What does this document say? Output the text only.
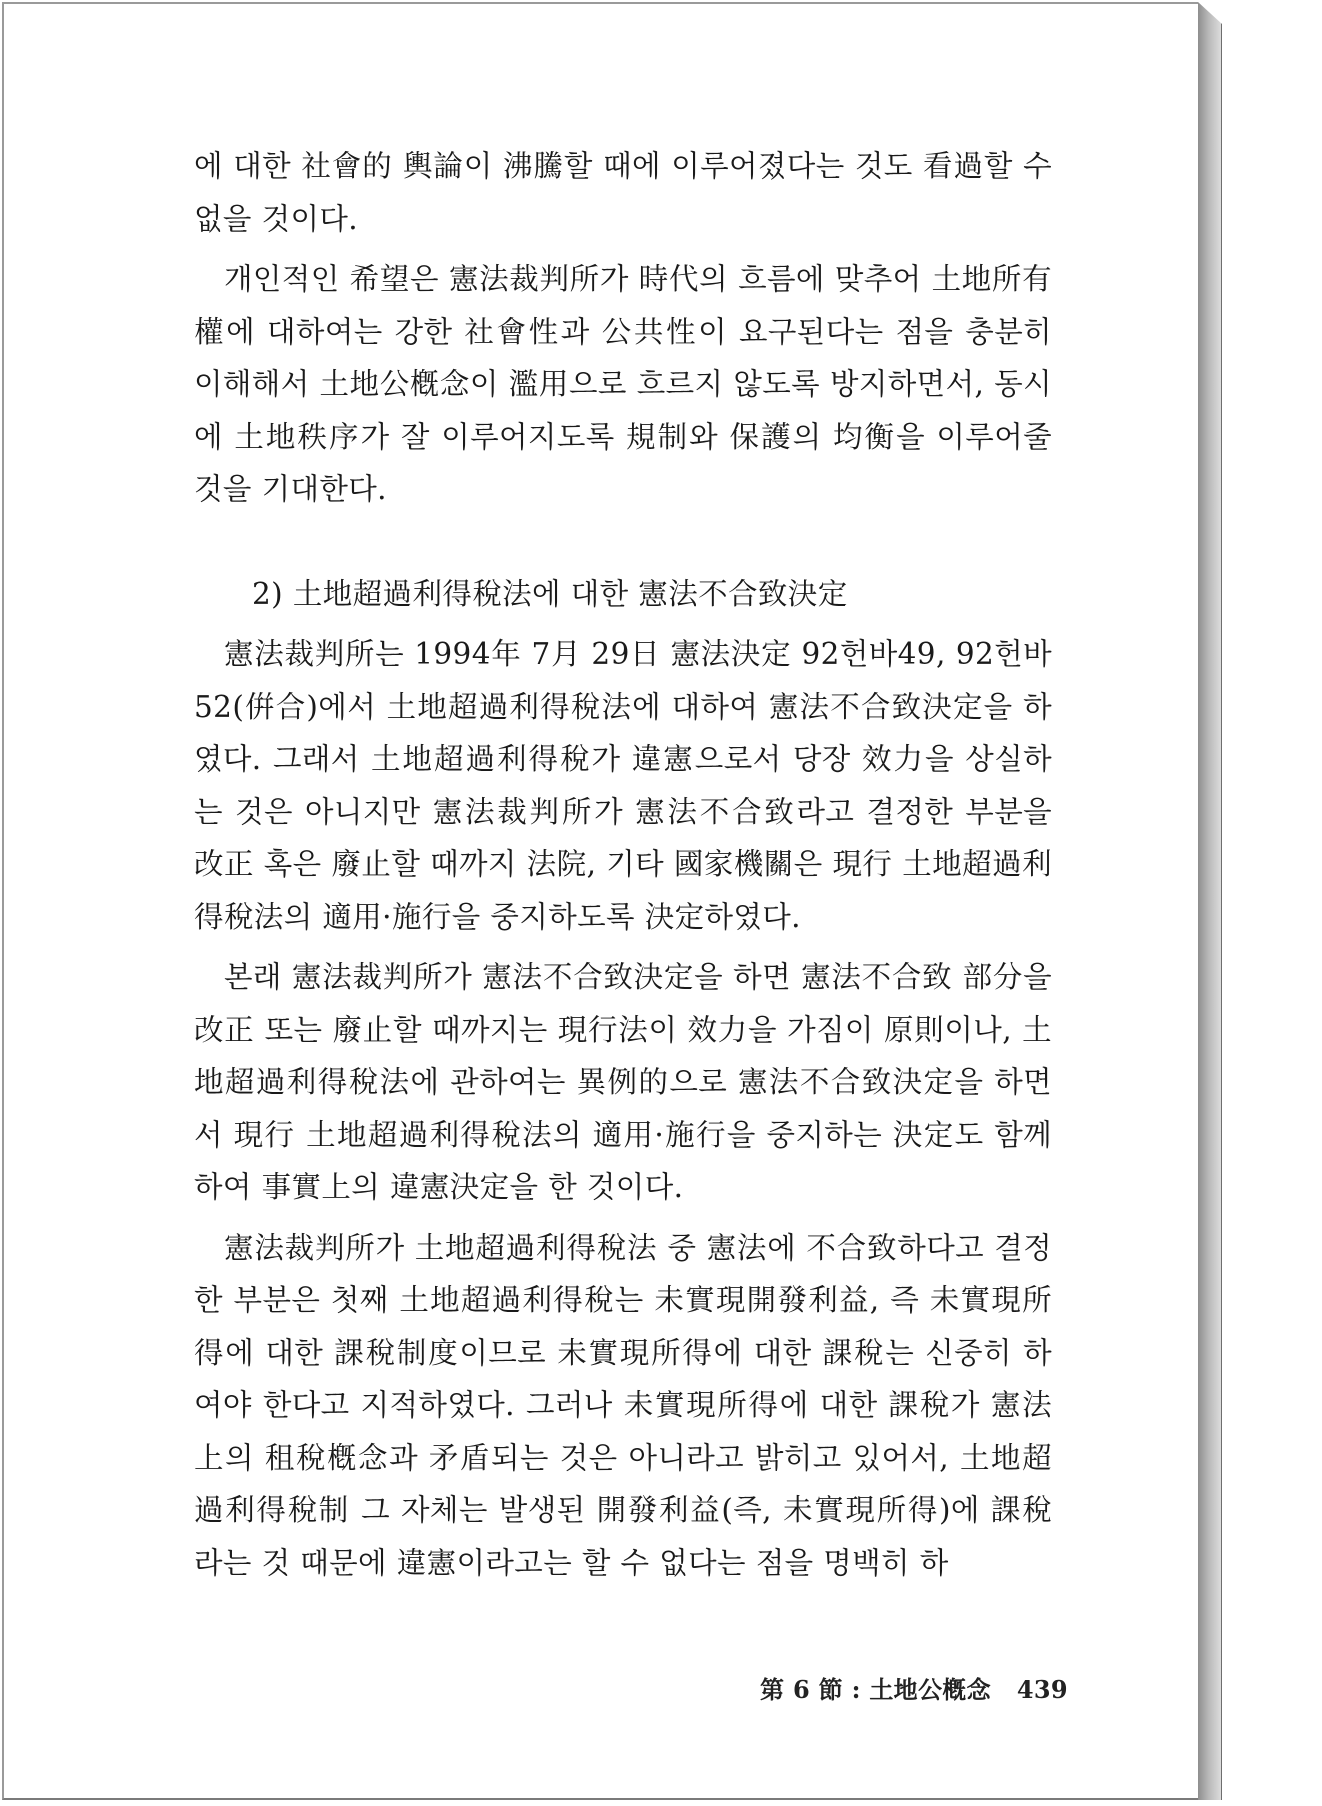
에 대한 社會的 輿論이 沸騰할 때에 이루어졌다는 것도 看過할 수 없을 것이다.

개인적인 希望은 憲法裁判所가 時代의 흐름에 맞추어 土地所有權에 대하여는 강한 社會性과 公共性이 요구된다는 점을 충분히 이해해서 土地公槪念이 濫用으로 흐르지 않도록 방지하면서, 동시에 土地秩序가 잘 이루어지도록 規制와 保護의 均衡을 이루어줄 것을 기대한다.

2) 土地超過利得稅法에 대한 憲法不合致決定

憲法裁判所는 1994年 7月 29日 憲法決定 92헌바49, 92헌바52(倂合)에서 土地超過利得稅法에 대하여 憲法不合致決定을 하였다. 그래서 土地超過利得稅가 違憲으로서 당장 效力을 상실하는 것은 아니지만 憲法裁判所가 憲法不合致라고 결정한 부분을 改正 혹은 廢止할 때까지 法院, 기타 國家機關은 現行 土地超過利得稅法의 適用·施行을 중지하도록 決定하였다.

본래 憲法裁判所가 憲法不合致決定을 하면 憲法不合致 部分을 改正 또는 廢止할 때까지는 現行法이 效力을 가짐이 原則이나, 土地超過利得稅法에 관하여는 異例的으로 憲法不合致決定을 하면서 現行 土地超過利得稅法의 適用·施行을 중지하는 決定도 함께 하여 事實上의 違憲決定을 한 것이다.

憲法裁判所가 土地超過利得稅法 중 憲法에 不合致하다고 결정한 부분은 첫째 土地超過利得稅는 未實現開發利益, 즉 未實現所得에 대한 課稅制度이므로 未實現所得에 대한 課稅는 신중히 하여야 한다고 지적하였다. 그러나 未實現所得에 대한 課稅가 憲法上의 租稅槪念과 矛盾되는 것은 아니라고 밝히고 있어서, 土地超過利得稅制 그 자체는 발생된 開發利益(즉, 未實現所得)에 課稅라는 것 때문에 違憲이라고는 할 수 없다는 점을 명백히 하

第 6 節 : 土地公槪念 439
